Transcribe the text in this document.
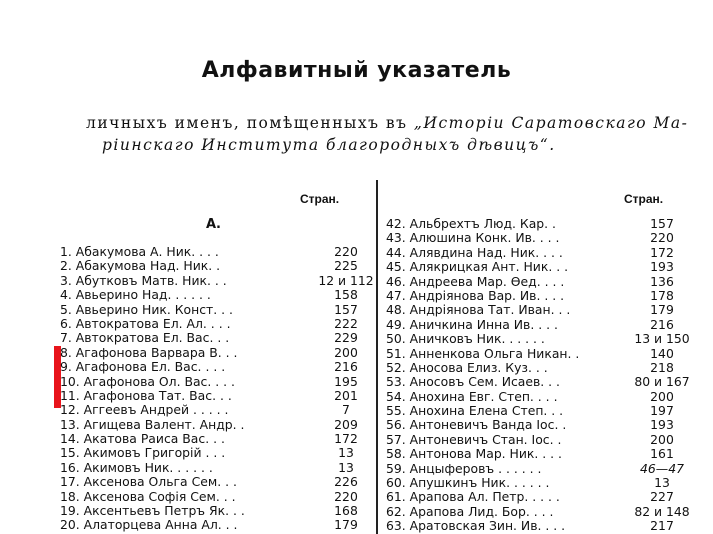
Алфавитный указатель
личныхъ именъ, помѣщенныхъ въ „Исторіи Саратовскаго Ма-
ріинскаго Института благородныхъ дѣвицъ“.
Стран.	Стран.
А.
1. Абакумова А. Ник. . . .	220
2. Абакумова Над. Ник. .	225
3. Абутковъ Матв. Ник. . .	12 и 112
4. Авьерино Над. . . . . .	158
5. Авьерино Ник. Конст. . .	157
6. Автократова Ел. Ал. . . .	222
7. Автократова Ел. Вас. . .	229
8. Агафонова Варвара В. . .	200
9. Агафонова Ел. Вас. . . .	216
10. Агафонова Ол. Вас. . . .	195
11. Агафонова Тат. Вас. . .	201
12. Аггеевъ Андрей . . . . .	7
13. Агищева Валент. Андр. .	209
14. Акатова Раиса Вас. . .	172
15. Акимовъ Григорій . . .	13
16. Акимовъ Ник. . . . . .	13
17. Аксенова Ольга Сем. . .	226
18. Аксенова Софія Сем. . .	220
19. Аксентьевъ Петръ Як. . .	168
20. Алаторцева Анна Ал. . .	179
42. Альбрехтъ Люд. Кар. .	157
43. Алюшина Конк. Ив. . . .	220
44. Алявдина Над. Ник. . . .	172
45. Алякрицкая Ант. Ник. . .	193
46. Андреева Мар. Ѳед. . . .	136
47. Андріянова Вар. Ив. . . .	178
48. Андріянова Тат. Иван. . .	179
49. Аничкина Инна Ив. . . .	216
50. Аничковъ Ник. . . . . .	13 и 150
51. Анненкова Ольга Никан. .	140
52. Аносова Елиз. Куз. . .	218
53. Аносовъ Сем. Исаев. . .	80 и 167
54. Анохина Евг. Степ. . . .	200
55. Анохина Елена Степ. . .	197
56. Антоневичъ Ванда Іос. .	193
57. Антоневичъ Стан. Іос. .	200
58. Антонова Мар. Ник. . . .	161
59. Анцыферовъ . . . . . .	46—47
60. Апушкинъ Ник. . . . . .	13
61. Арапова Ал. Петр. . . . .	227
62. Арапова Лид. Бор. . . .	82 и 148
63. Аратовская Зин. Ив. . . .	217
